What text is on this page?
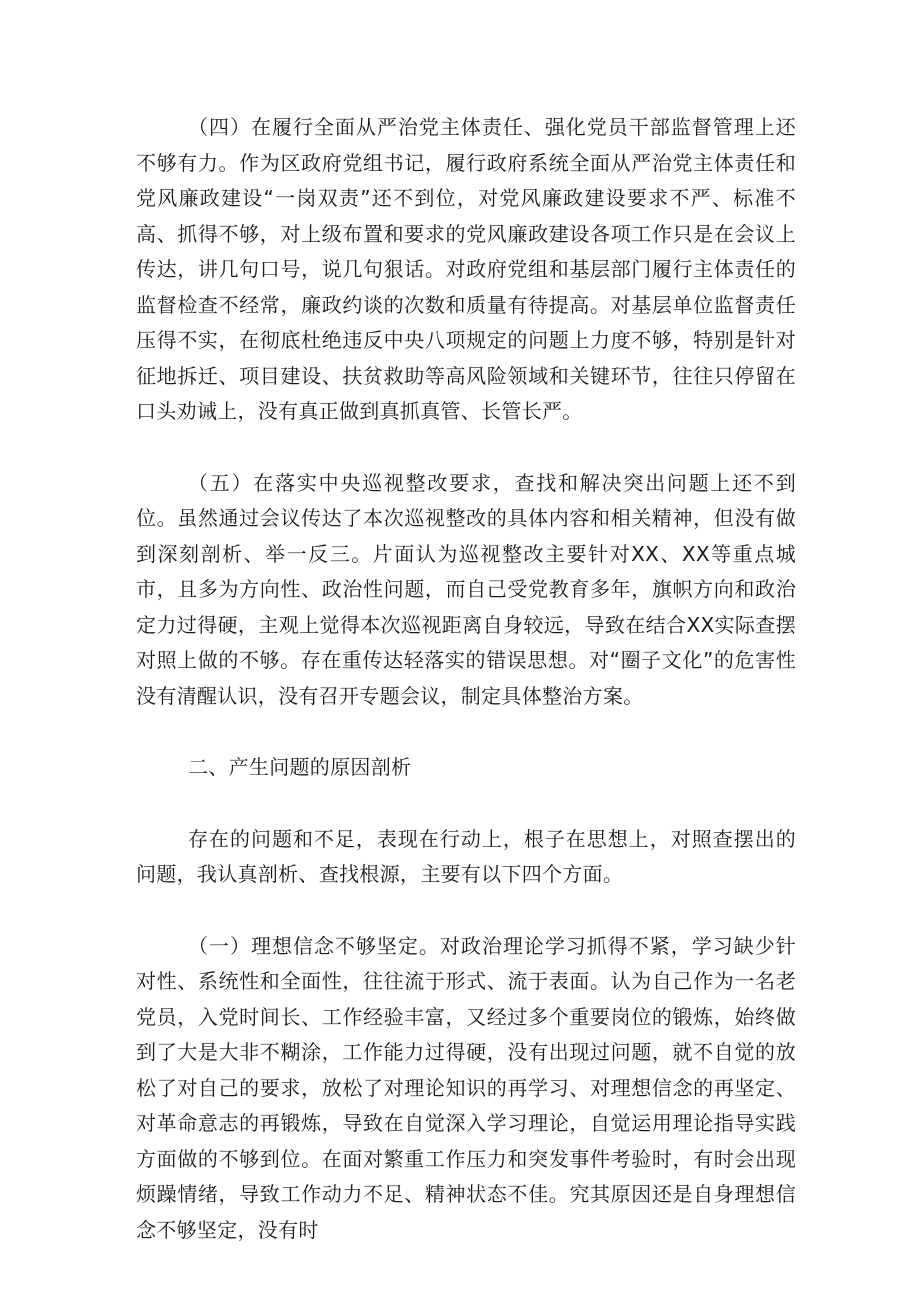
（四）在履行全面从严治党主体责任、强化党员干部监督管理上还不够有力。作为区政府党组书记，履行政府系统全面从严治党主体责任和党风廉政建设“一岗双责”还不到位，对党风廉政建设要求不严、标准不高、抓得不够，对上级布置和要求的党风廉政建设各项工作只是在会议上传达，讲几句口号，说几句狠话。对政府党组和基层部门履行主体责任的监督检查不经常，廉政约谈的次数和质量有待提高。对基层单位监督责任压得不实，在彻底杜绝违反中央八项规定的问题上力度不够，特别是针对征地拆迁、项目建设、扶贫救助等高风险领域和关键环节，往往只停留在口头劝诫上，没有真正做到真抓真管、长管长严。

（五）在落实中央巡视整改要求，查找和解决突出问题上还不到位。虽然通过会议传达了本次巡视整改的具体内容和相关精神，但没有做到深刻剖析、举一反三。片面认为巡视整改主要针对XX、XX等重点城市，且多为方向性、政治性问题，而自己受党教育多年，旗帜方向和政治定力过得硬，主观上觉得本次巡视距离自身较远，导致在结合XX实际查摆对照上做的不够。存在重传达轻落实的错误思想。对“圈子文化”的危害性没有清醒认识，没有召开专题会议，制定具体整治方案。

二、产生问题的原因剖析

存在的问题和不足，表现在行动上，根子在思想上，对照查摆出的问题，我认真剖析、查找根源，主要有以下四个方面。

（一）理想信念不够坚定。对政治理论学习抓得不紧，学习缺少针对性、系统性和全面性，往往流于形式、流于表面。认为自己作为一名老党员，入党时间长、工作经验丰富，又经过多个重要岗位的锻炼，始终做到了大是大非不糊涂，工作能力过得硬，没有出现过问题，就不自觉的放松了对自己的要求，放松了对理论知识的再学习、对理想信念的再坚定、对革命意志的再锻炼，导致在自觉深入学习理论，自觉运用理论指导实践方面做的不够到位。在面对繁重工作压力和突发事件考验时，有时会出现烦躁情绪，导致工作动力不足、精神状态不佳。究其原因还是自身理想信念不够坚定，没有时
